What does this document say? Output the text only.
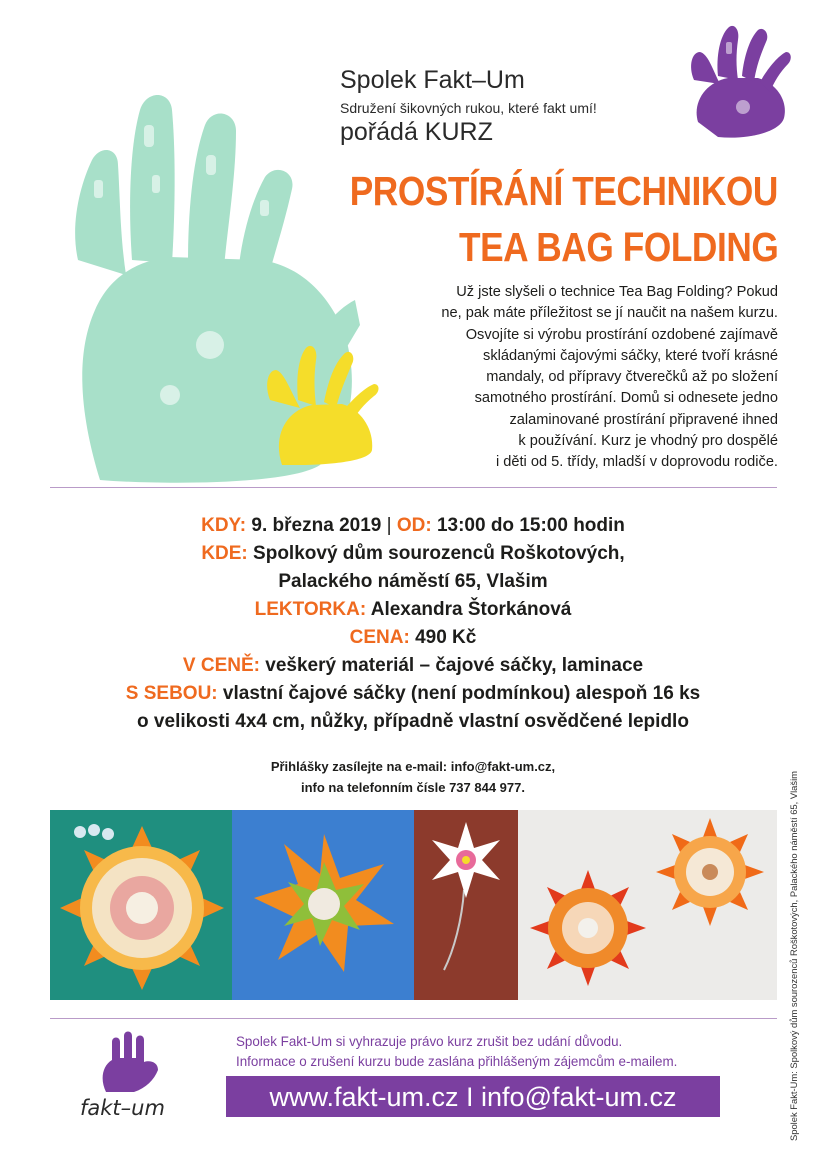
Spolek Fakt–Um
Sdružení šikovných rukou, které fakt umí!
pořádá KURZ
PROSTÍRÁNÍ TECHNIKOU
TEA BAG FOLDING
Už jste slyšeli o technice Tea Bag Folding? Pokud
ne, pak máte příležitost se jí naučit na našem kurzu.
Osvojíte si výrobu prostírání ozdobené zajímavě
skládanými čajovými sáčky, které tvoří krásné
mandaly, od přípravy čtverečků až po složení
samotného prostírání. Domů si odnesete jedno
zalaminované prostírání připravené ihned
k používání. Kurz je vhodný pro dospělé
i děti od 5. třídy, mladší v doprovodu rodiče.
KDY: 9. března 2019 | OD: 13:00 do 15:00 hodin
KDE: Spolkový dům sourozenců Roškotových,
Palackého náměstí 65, Vlašim
LEKTORKA: Alexandra Štorkánová
CENA: 490 Kč
V CENĚ: veškerý materiál – čajové sáčky, laminace
S SEBOU: vlastní čajové sáčky (není podmínkou) alespoň 16 ks
o velikosti 4x4 cm, nůžky, případně vlastní osvědčené lepidlo
Přihlášky zasílejte na e-mail: info@fakt-um.cz,
info na telefonním čísle 737 844 977.
fakt–um
Spolek Fakt-Um si vyhrazuje právo kurz zrušit bez udání důvodu.
Informace o zrušení kurzu bude zaslána přihlášeným zájemcům e-mailem.
www.fakt-um.cz I info@fakt-um.cz	Spolek Fakt-Um: Spolkový dům sourozenců Roškotových, Palackého náměstí 65, Vlašim
